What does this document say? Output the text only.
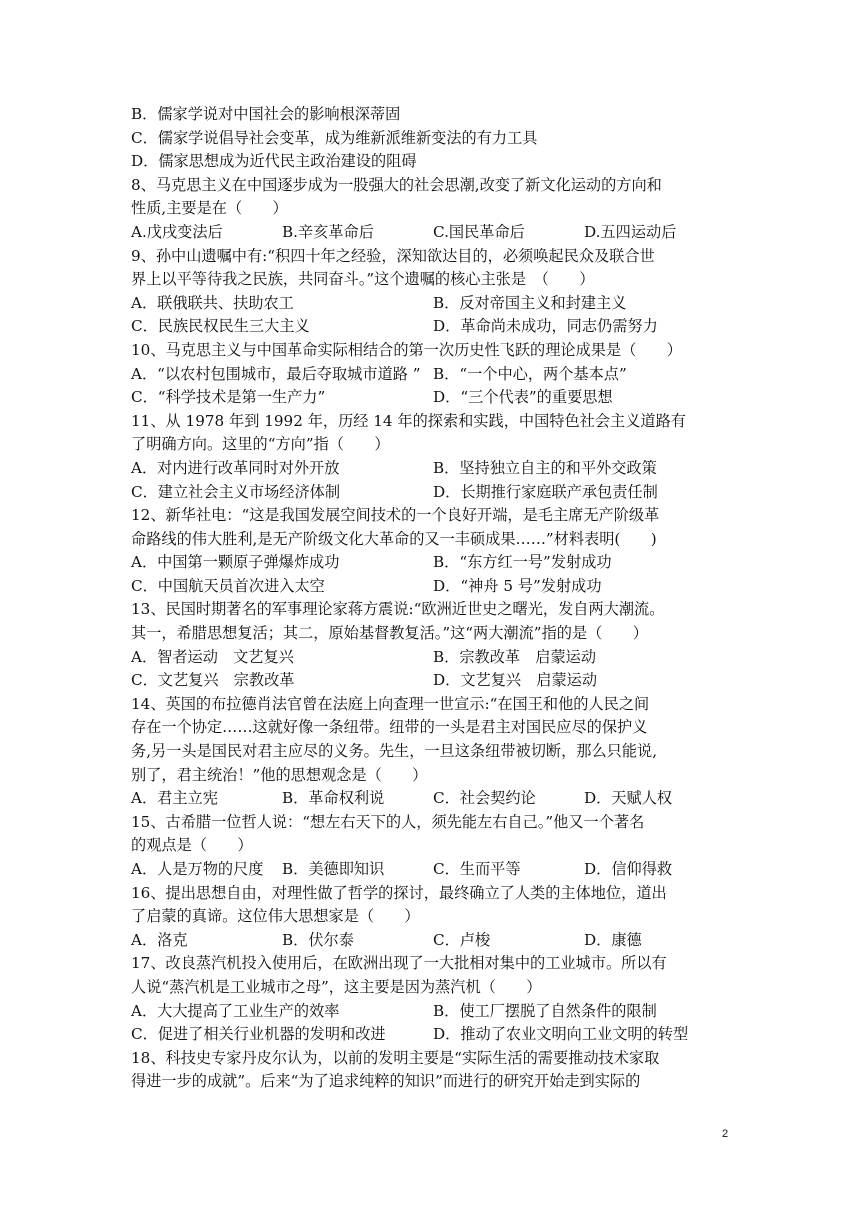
B．儒家学说对中国社会的影响根深蒂固
C．儒家学说倡导社会变革，成为维新派维新变法的有力工具
D．儒家思想成为近代民主政治建设的阻碍
8、马克思主义在中国逐步成为一股强大的社会思潮,改变了新文化运动的方向和
性质,主要是在（　　）
A.戊戌变法后	B.辛亥革命后	C.国民革命后	D.五四运动后
9、孙中山遗嘱中有:“积四十年之经验，深知欲达目的，必须唤起民众及联合世
界上以平等待我之民族，共同奋斗。”这个遗嘱的核心主张是　（　　）
A．联俄联共、扶助农工	B．反对帝国主义和封建主义
C．民族民权民生三大主义	D．革命尚未成功，同志仍需努力
10、马克思主义与中国革命实际相结合的第一次历史性飞跃的理论成果是（　　）
A．“以农村包围城市，最后夺取城市道路 ” B．“一个中心，两个基本点”
C．“科学技术是第一生产力”	D．“三个代表”的重要思想
11、从 1978 年到 1992 年，历经 14 年的探索和实践，中国特色社会主义道路有
了明确方向。这里的“方向”指（　　）
A．对内进行改革同时对外开放	B．坚持独立自主的和平外交政策
C．建立社会主义市场经济体制	D．长期推行家庭联产承包责任制
12、新华社电：“这是我国发展空间技术的一个良好开端，是毛主席无产阶级革
命路线的伟大胜利,是无产阶级文化大革命的又一丰硕成果……”材料表明(　　)
A．中国第一颗原子弹爆炸成功	B．“东方红一号”发射成功
C．中国航天员首次进入太空	D．“神舟 5 号”发射成功
13、民国时期著名的军事理论家蒋方震说:“欧洲近世史之曙光，发自两大潮流。
其一，希腊思想复活；其二，原始基督教复活。”这“两大潮流”指的是（　　）
A．智者运动　文艺复兴	B．宗教改革　启蒙运动
C．文艺复兴　宗教改革	D．文艺复兴　启蒙运动
14、英国的布拉德肖法官曾在法庭上向查理一世宣示:“在国王和他的人民之间
存在一个协定……这就好像一条纽带。纽带的一头是君主对国民应尽的保护义
务,另一头是国民对君主应尽的义务。先生，一旦这条纽带被切断，那么只能说,
别了，君主统治！”他的思想观念是（　　）
A．君主立宪	B．革命权利说	C．社会契约论	D．天赋人权
15、古希腊一位哲人说：“想左右天下的人，须先能左右自己。”他又一个著名
的观点是（　　）
A．人是万物的尺度	B．美德即知识	C．生而平等	D．信仰得救
16、提出思想自由，对理性做了哲学的探讨，最终确立了人类的主体地位，道出
了启蒙的真谛。这位伟大思想家是（　　）
A．洛克	B．伏尔泰	C．卢梭	D．康德
17、改良蒸汽机投入使用后，在欧洲出现了一大批相对集中的工业城市。所以有
人说“蒸汽机是工业城市之母”，这主要是因为蒸汽机（　　）
A．大大提高了工业生产的效率	B．使工厂摆脱了自然条件的限制
C．促进了相关行业机器的发明和改进	D．推动了农业文明向工业文明的转型
18、科技史专家丹皮尔认为，以前的发明主要是“实际生活的需要推动技术家取
得进一步的成就”。后来“为了追求纯粹的知识”而进行的研究开始走到实际的
2
